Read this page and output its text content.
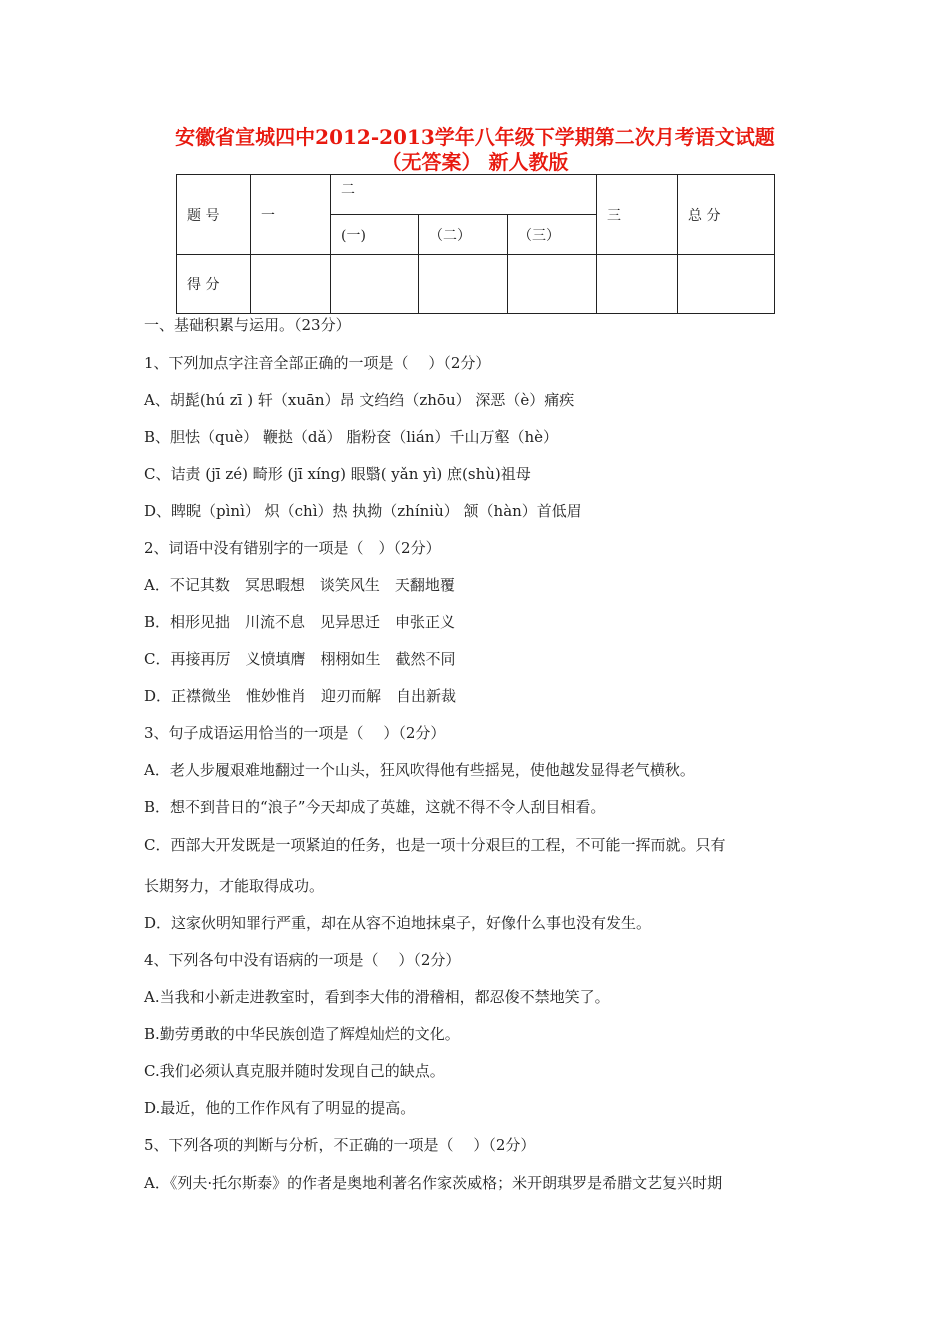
安徽省宣城四中2012-2013学年八年级下学期第二次月考语文试题
（无答案） 新人教版
题 号	一	二			三	总 分
		(一)	（二）	（三）		
得 分						
一、基础积累与运用。（23分）
1、下列加点字注音全部正确的一项是（　 ）（2分）
A、胡髭(hú zī ) 轩（xuān）昂 文绉绉（zhōu） 深恶（è）痛疾
B、胆怯（què） 鞭挞（dǎ） 脂粉奁（lián）千山万壑（hè）
C、诘责 (jī zé) 畸形 (jī xíng) 眼翳( yǎn yì) 庶(shù)祖母
D、睥睨（pìnì） 炽（chì）热 执拗（zhíniù） 颔（hàn）首低眉
2、词语中没有错别字的一项是（　）（2分）
A．不记其数　冥思暇想　谈笑风生　天翻地覆
B．相形见拙　川流不息　见异思迁　申张正义
C．再接再厉　义愤填膺　栩栩如生　截然不同
D．正襟微坐　惟妙惟肖　迎刃而解　自出新裁
3、句子成语运用恰当的一项是（　 ）（2分）
A．老人步履艰难地翻过一个山头，狂风吹得他有些摇晃，使他越发显得老气横秋。
B．想不到昔日的“浪子”今天却成了英雄，这就不得不令人刮目相看。
C．西部大开发既是一项紧迫的任务，也是一项十分艰巨的工程，不可能一挥而就。只有
长期努力，才能取得成功。
D．这家伙明知罪行严重，却在从容不迫地抹桌子，好像什么事也没有发生。
4、下列各句中没有语病的一项是（　 ）（2分）
A.当我和小新走进教室时，看到李大伟的滑稽相，都忍俊不禁地笑了。
B.勤劳勇敢的中华民族创造了辉煌灿烂的文化。
C.我们必须认真克服并随时发现自己的缺点。
D.最近，他的工作作风有了明显的提高。
5、下列各项的判断与分析，不正确的一项是（　 ）（2分）
A．《列夫·托尔斯泰》的作者是奥地利著名作家茨威格；米开朗琪罗是希腊文艺复兴时期
